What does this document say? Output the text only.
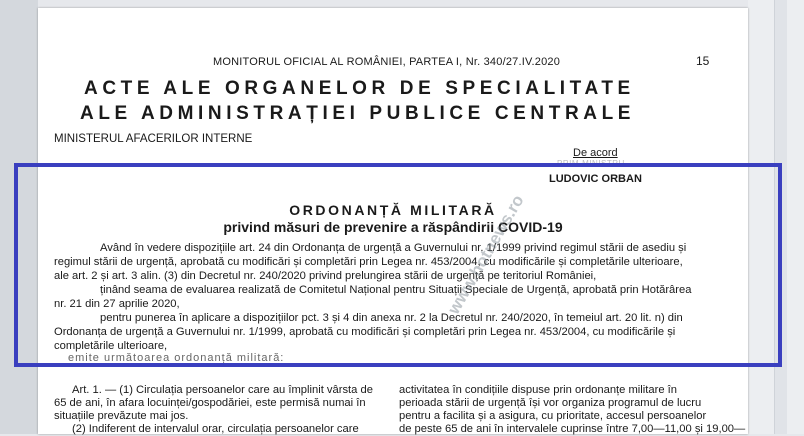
MONITORUL OFICIAL AL ROMÂNIEI, PARTEA I, Nr. 340/27.IV.2020	15
ACTE ALE ORGANELOR DE SPECIALITATE
ALE ADMINISTRAȚIEI PUBLICE CENTRALE
MINISTERUL AFACERILOR INTERNE
De acord
PRIM-MINISTRU
LUDOVIC ORBAN
ORDONANȚĂ MILITARĂ
privind măsuri de prevenire a răspândirii COVID-19
Având în vedere dispozițiile art. 24 din Ordonanța de urgență a Guvernului nr. 1/1999 privind regimul stării de asediu și
regimul stării de urgență, aprobată cu modificări și completări prin Legea nr. 453/2004, cu modificările și completările ulterioare,
ale art. 2 și art. 3 alin. (3) din Decretul nr. 240/2020 privind prelungirea stării de urgență pe teritoriul României,
ținând seama de evaluarea realizată de Comitetul Național pentru Situații Speciale de Urgență, aprobată prin Hotărârea
nr. 21 din 27 aprilie 2020,
pentru punerea în aplicare a dispozițiilor pct. 3 și 4 din anexa nr. 2 la Decretul nr. 240/2020, în temeiul art. 20 lit. n) din
Ordonanța de urgență a Guvernului nr. 1/1999, aprobată cu modificări și completări prin Legea nr. 453/2004, cu modificările și
completările ulterioare,
emite următoarea ordonanță militară:
www.hotnews.ro
Art. 1. — (1) Circulația persoanelor care au împlinit vârsta de
65 de ani, în afara locuinței/gospodăriei, este permisă numai în
situațiile prevăzute mai jos.
(2) Indiferent de intervalul orar, circulația persoanelor care
activitatea în condițiile dispuse prin ordonanțe militare în
perioada stării de urgență își vor organiza programul de lucru
pentru a facilita și a asigura, cu prioritate, accesul persoanelor
de peste 65 de ani în intervalele cuprinse între 7,00—11,00 și 19,00—
